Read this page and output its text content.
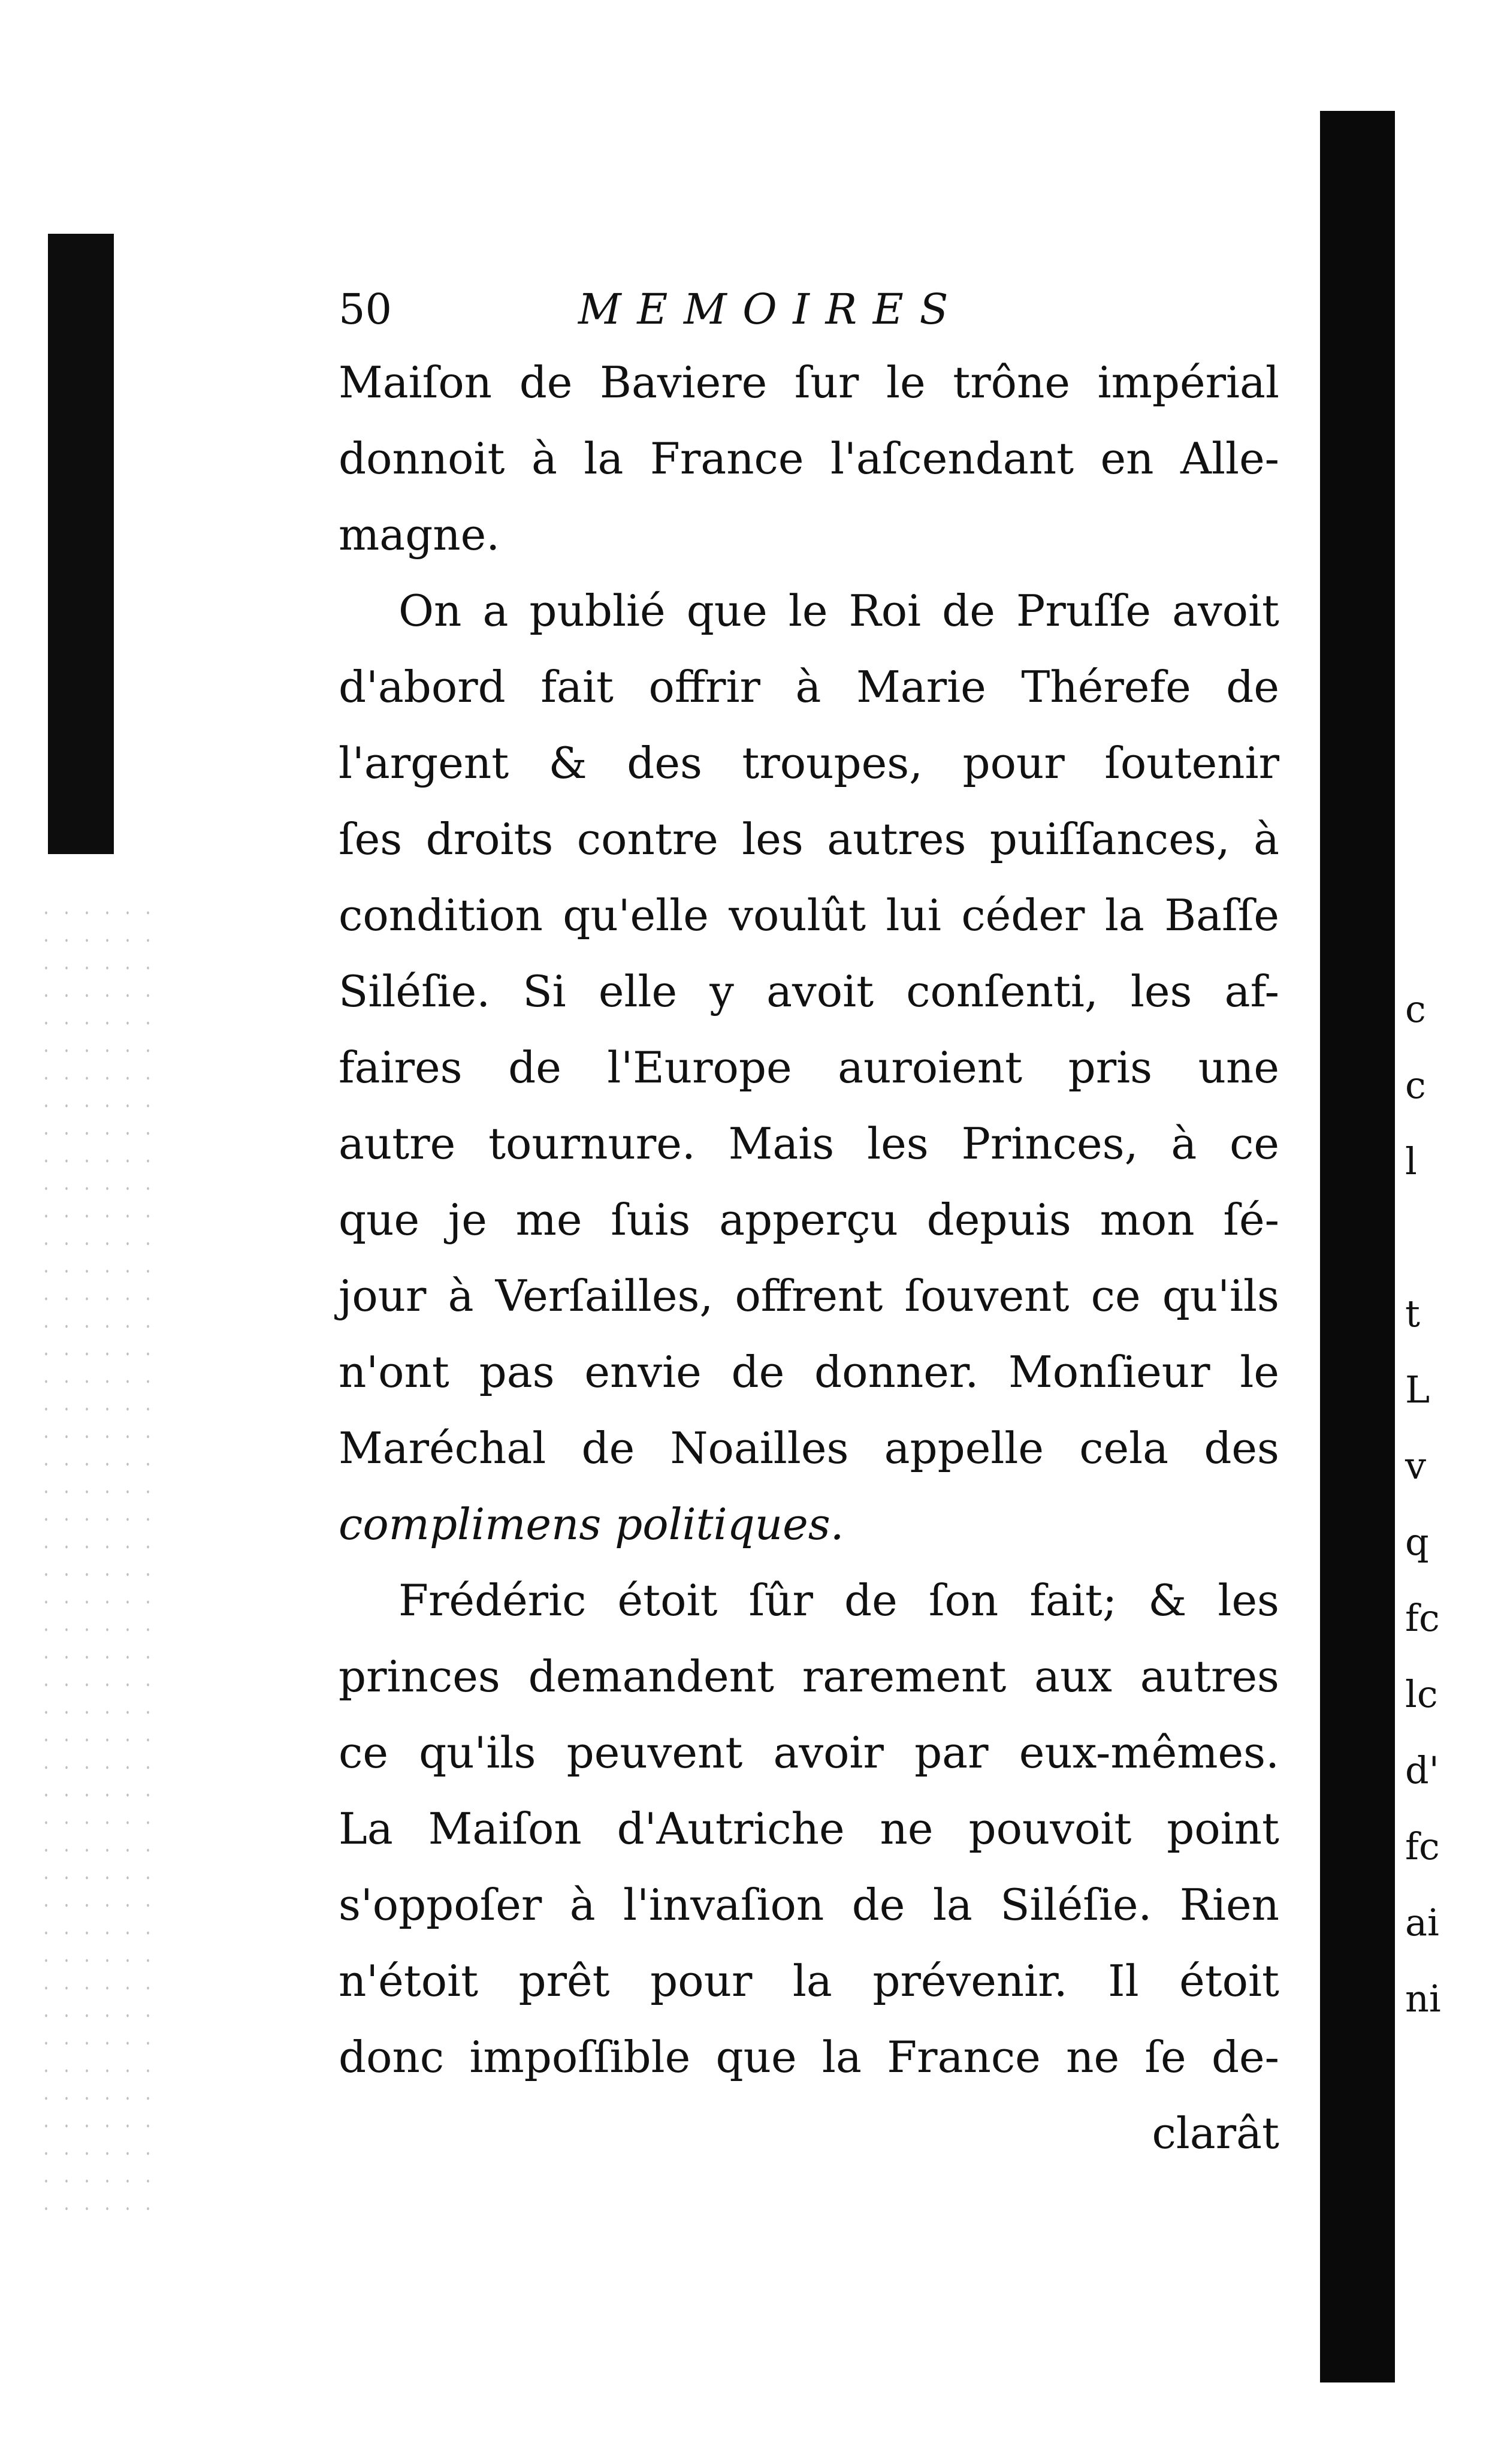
c
c
l

t
L
v
q
fc
lc
d'
fc
ai
ni
50	MEMOIRES
Maiſon de Baviere ſur le trône impérial
donnoit à la France l'aſcendant en Alle-
magne.
On a publié que le Roi de Pruſſe avoit
d'abord fait offrir à Marie Thérefe de
l'argent & des troupes, pour ſoutenir
ſes droits contre les autres puiſſances, à
condition qu'elle voulût lui céder la Baſſe
Siléſie. Si elle y avoit conſenti, les af-
faires de l'Europe auroient pris une
autre tournure. Mais les Princes, à ce
que je me ſuis apperçu depuis mon ſé-
jour à Verſailles, offrent ſouvent ce qu'ils
n'ont pas envie de donner. Monſieur le
Maréchal de Noailles appelle cela des
complimens politiques.
Frédéric étoit ſûr de ſon fait; & les
princes demandent rarement aux autres
ce qu'ils peuvent avoir par eux-mêmes.
La Maiſon d'Autriche ne pouvoit point
s'oppoſer à l'invaſion de la Siléſie. Rien
n'étoit prêt pour la prévenir. Il étoit
donc impoſſible que la France ne ſe de-
clarât
